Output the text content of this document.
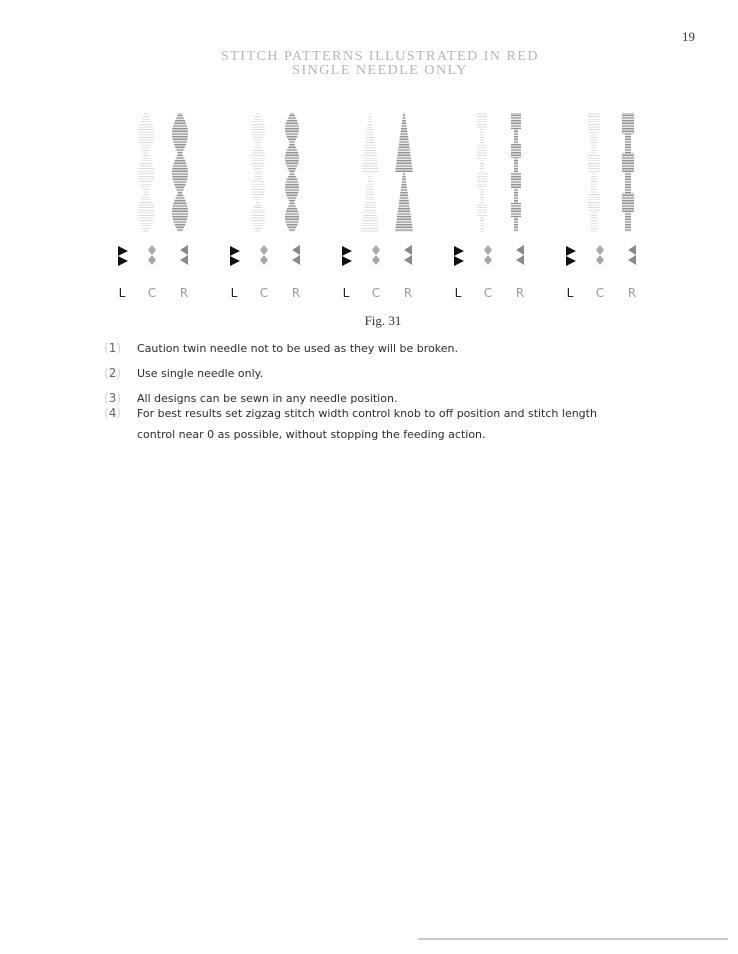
19
STITCH PATTERNS ILLUSTRATED IN RED
SINGLE NEEDLE ONLY
L C R	L C R	L C R	L C R	L C R
Fig. 31
(1) Caution twin needle not to be used as they will be broken.
(2) Use single needle only.
(3) All designs can be sewn in any needle position.
(4) For best results set zigzag stitch width control knob to off position and stitch length
control near 0 as possible, without stopping the feeding action.
